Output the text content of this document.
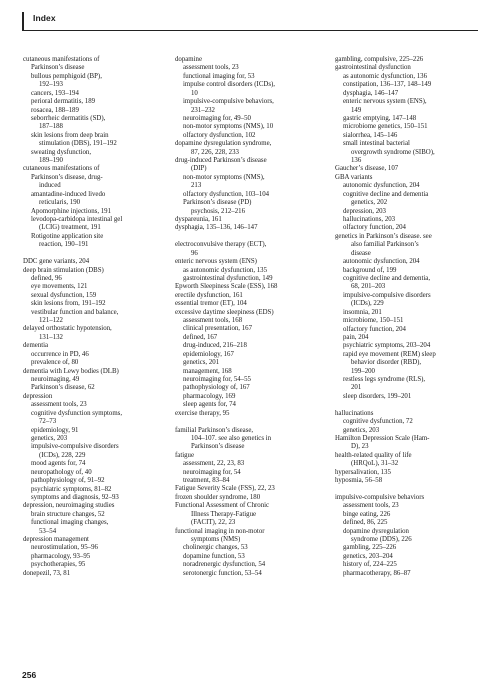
Index
cutaneous manifestations of
Parkinson’s disease
bullous pemphigoid (BP),
192–193
cancers, 193–194
perioral dermatitis, 189
rosacea, 188–189
seborrheic dermatitis (SD),
187–188
skin lesions from deep brain
stimulation (DBS), 191–192
sweating dysfunction,
189–190
cutaneous manifestations of
Parkinson’s disease, drug-
induced
amantadine-induced livedo
reticularis, 190
Apomorphine injections, 191
levodopa-carbidopa intestinal gel
(LCIG) treatment, 191
Rotigotine application site
reaction, 190–191
DDC gene variants, 204
deep brain stimulation (DBS)
defined, 96
eye movements, 121
sexual dysfunction, 159
skin lesions from, 191–192
vestibular function and balance,
121–122
delayed orthostatic hypotension,
131–132
dementia
occurrence in PD, 46
prevalence of, 80
dementia with Lewy bodies (DLB)
neuroimaging, 49
Parkinson’s disease, 62
depression
assessment tools, 23
cognitive dysfunction symptoms,
72–73
epidemiology, 91
genetics, 203
impulsive-compulsive disorders
(ICDs), 228, 229
mood agents for, 74
neuropathology of, 40
pathophysiology of, 91–92
psychiatric symptoms, 81–82
symptoms and diagnosis, 92–93
depression, neuroimaging studies
brain structure changes, 52
functional imaging changes,
53–54
depression management
neurostimulation, 95–96
pharmacology, 93–95
psychotherapies, 95
donepezil, 73, 81
dopamine
assessment tools, 23
functional imaging for, 53
impulse control disorders (ICDs),
10
impulsive-compulsive behaviors,
231–232
neuroimaging for, 49–50
non-motor symptoms (NMS), 10
olfactory dysfunction, 102
dopamine dysregulation syndrome,
87, 226, 228, 233
drug-induced Parkinson’s disease
(DIP)
non-motor symptoms (NMS),
213
olfactory dysfunction, 103–104
Parkinson’s disease (PD)
psychosis, 212–216
dyspareunia, 161
dysphagia, 135–136, 146–147
electroconvulsive therapy (ECT),
96
enteric nervous system (ENS)
as autonomic dysfunction, 135
gastrointestinal dysfunction, 149
Epworth Sleepiness Scale (ESS), 168
erectile dysfunction, 161
essential tremor (ET), 104
excessive daytime sleepiness (EDS)
assessment tools, 168
clinical presentation, 167
defined, 167
drug-induced, 216–218
epidemiology, 167
genetics, 201
management, 168
neuroimaging for, 54–55
pathophysiology of, 167
pharmacology, 169
sleep agents for, 74
exercise therapy, 95
familial Parkinson’s disease,
104–107. see also genetics in
Parkinson’s disease
fatigue
assessment, 22, 23, 83
neuroimaging for, 54
treatment, 83–84
Fatigue Severity Scale (FSS), 22, 23
frozen shoulder syndrome, 180
Functional Assessment of Chronic
Illness Therapy-Fatigue
(FACIT), 22, 23
functional imaging in non-motor
symptoms (NMS)
cholinergic changes, 53
dopamine function, 53
noradrenergic dysfunction, 54
serotonergic function, 53–54
gambling, compulsive, 225–226
gastrointestinal dysfunction
as autonomic dysfunction, 136
constipation, 136–137, 148–149
dysphagia, 146–147
enteric nervous system (ENS),
149
gastric emptying, 147–148
microbiome genetics, 150–151
sialorrhea, 145–146
small intestinal bacterial
overgrowth syndrome (SIBO),
136
Gaucher’s disease, 107
GBA variants
autonomic dysfunction, 204
cognitive decline and dementia
genetics, 202
depression, 203
hallucinations, 203
olfactory function, 204
genetics in Parkinson’s disease. see
also familial Parkinson’s
disease
autonomic dysfunction, 204
background of, 199
cognitive decline and dementia,
68, 201–203
impulsive-compulsive disorders
(ICDs), 229
insomnia, 201
microbiome, 150–151
olfactory function, 204
pain, 204
psychiatric symptoms, 203–204
rapid eye movement (REM) sleep
behavior disorder (RBD),
199–200
restless legs syndrome (RLS),
201
sleep disorders, 199–201
hallucinations
cognitive dysfunction, 72
genetics, 203
Hamilton Depression Scale (Ham-
D), 23
health-related quality of life
(HRQoL), 31–32
hypersalivation, 135
hyposmia, 56–58
impulsive-compulsive behaviors
assessment tools, 23
binge eating, 226
defined, 86, 225
dopamine dysregulation
syndrome (DDS), 226
gambling, 225–226
genetics, 203–204
history of, 224–225
pharmacotherapy, 86–87
256
